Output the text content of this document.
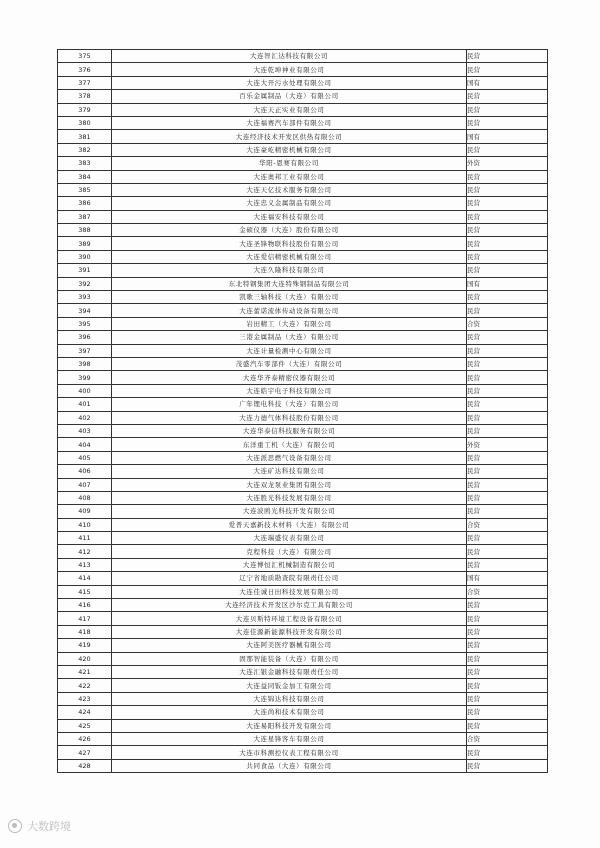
375	大连智汇达科技有限公司	民营
376	大连乾坤神业有限公司	民营
377	大连大开污水处理有限公司	国有
378	百乐金属制品（大连）有限公司	民营
379	大连天正实业有限公司	民营
380	大连福赛汽车部件有限公司	民营
381	大连经济技术开发区供热有限公司	国有
382	大连豪屹精密机械有限公司	民营
383	华阳-恩赛有限公司	外资
384	大连奥邦工业有限公司	民营
385	大连天亿技术服务有限公司	民营
386	大连忠义金属制品有限公司	民营
387	大连福安科技有限公司	民营
388	金硕仪器（大连）股份有限公司	民营
389	大连圣锋物联科技股份有限公司	民营
390	大连爱信精密机械有限公司	民营
391	大连久隆科技有限公司	民营
392	东北特钢集团大连特殊钢制品有限公司	国有
393	凯歌三轴科技（大连）有限公司	民营
394	大连蕾诺流体传动设备有限公司	民营
395	岩田精工（大连）有限公司	合资
396	三港金属制品（大连）有限公司	民营
397	大连计量检测中心有限公司	民营
398	茂盛汽车零部件（大连）有限公司	民营
399	大连华齐泰精密仪器有限公司	民营
400	大连皓宇电子科技有限公司	民营
401	广年锂电科技（大连）有限公司	民营
402	大连力德气体科技股份有限公司	民营
403	大连华泰信科技服务有限公司	民营
404	东洋重工机（大连）有限公司	外资
405	大连派思燃气设备有限公司	民营
406	大连矿达科技有限公司	民营
407	大连双龙泵业集团有限公司	民营
408	大连胜光科技发展有限公司	民营
409	大连波鸥光科技开发有限公司	民营
410	爱普天嘉新技术材料（大连）有限公司	合资
411	大连瑞盛仪表有限公司	民营
412	克程科技（大连）有限公司	民营
413	大连博恒汇机械制造有限公司	民营
414	辽宁省地质勘查院有限责任公司	国有
415	大连佳诚日田科技发展有限公司	合资
416	大连经济技术开发区沙尔克工具有限公司	民营
417	大连贝斯特环境工程设备有限公司	民营
418	大连佳源新能源科技开发有限公司	民营
419	大连阿美医疗器械有限公司	民营
420	固那智能装备（大连）有限公司	民营
421	大连汇银金融科技有限责任公司	民营
422	大连益同钣金加工有限公司	民营
423	大连锦达科技有限公司	民营
424	大连尚和技术有限公司	民营
425	大连易阳科技开发有限公司	民营
426	大连星锋客车有限公司	合资
427	大连市科测控仪表工程有限公司	民营
428	共同食品（大连）有限公司	民营
大数跨境
